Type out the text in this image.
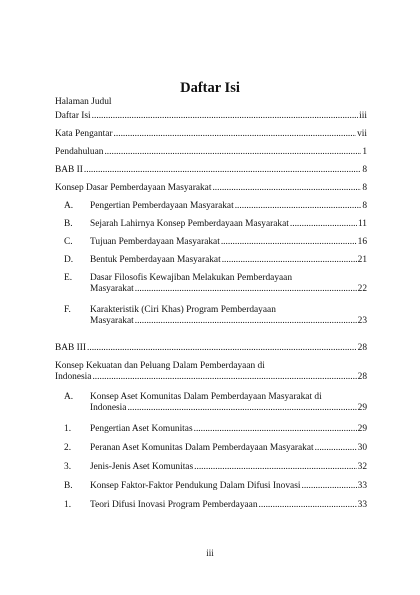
Daftar Isi
Halaman Judul
Daftar Isi .....	iii
Kata Pengantar .....	vii
Pendahuluan .....	1
BAB II .....	8
Konsep Dasar Pemberdayaan Masyarakat .....	8
A. Pengertian Pemberdayaan Masyarakat .....	8
B. Sejarah Lahirnya Konsep Pemberdayaan Masyarakat .....	11
C. Tujuan Pemberdayaan Masyarakat .....	16
D. Bentuk Pemberdayaan Masyarakat .....	21
E. Dasar Filosofis Kewajiban Melakukan Pemberdayaan
Masyarakat .....	22
F. Karakteristik (Ciri Khas) Program Pemberdayaan
Masyarakat .....	23
BAB III .....	28
Konsep Kekuatan dan Peluang Dalam Pemberdayaan di
Indonesia .....	28
A. Konsep Aset Komunitas Dalam Pemberdayaan Masyarakat di
Indonesia .....	29
1. Pengertian Aset Komunitas .....	29
2. Peranan Aset Komunitas Dalam Pemberdayaan Masyarakat .....	30
3. Jenis-Jenis Aset Komunitas .....	32
B. Konsep Faktor-Faktor Pendukung Dalam Difusi Inovasi .....	33
1. Teori Difusi Inovasi Program Pemberdayaan .....	33
iii
